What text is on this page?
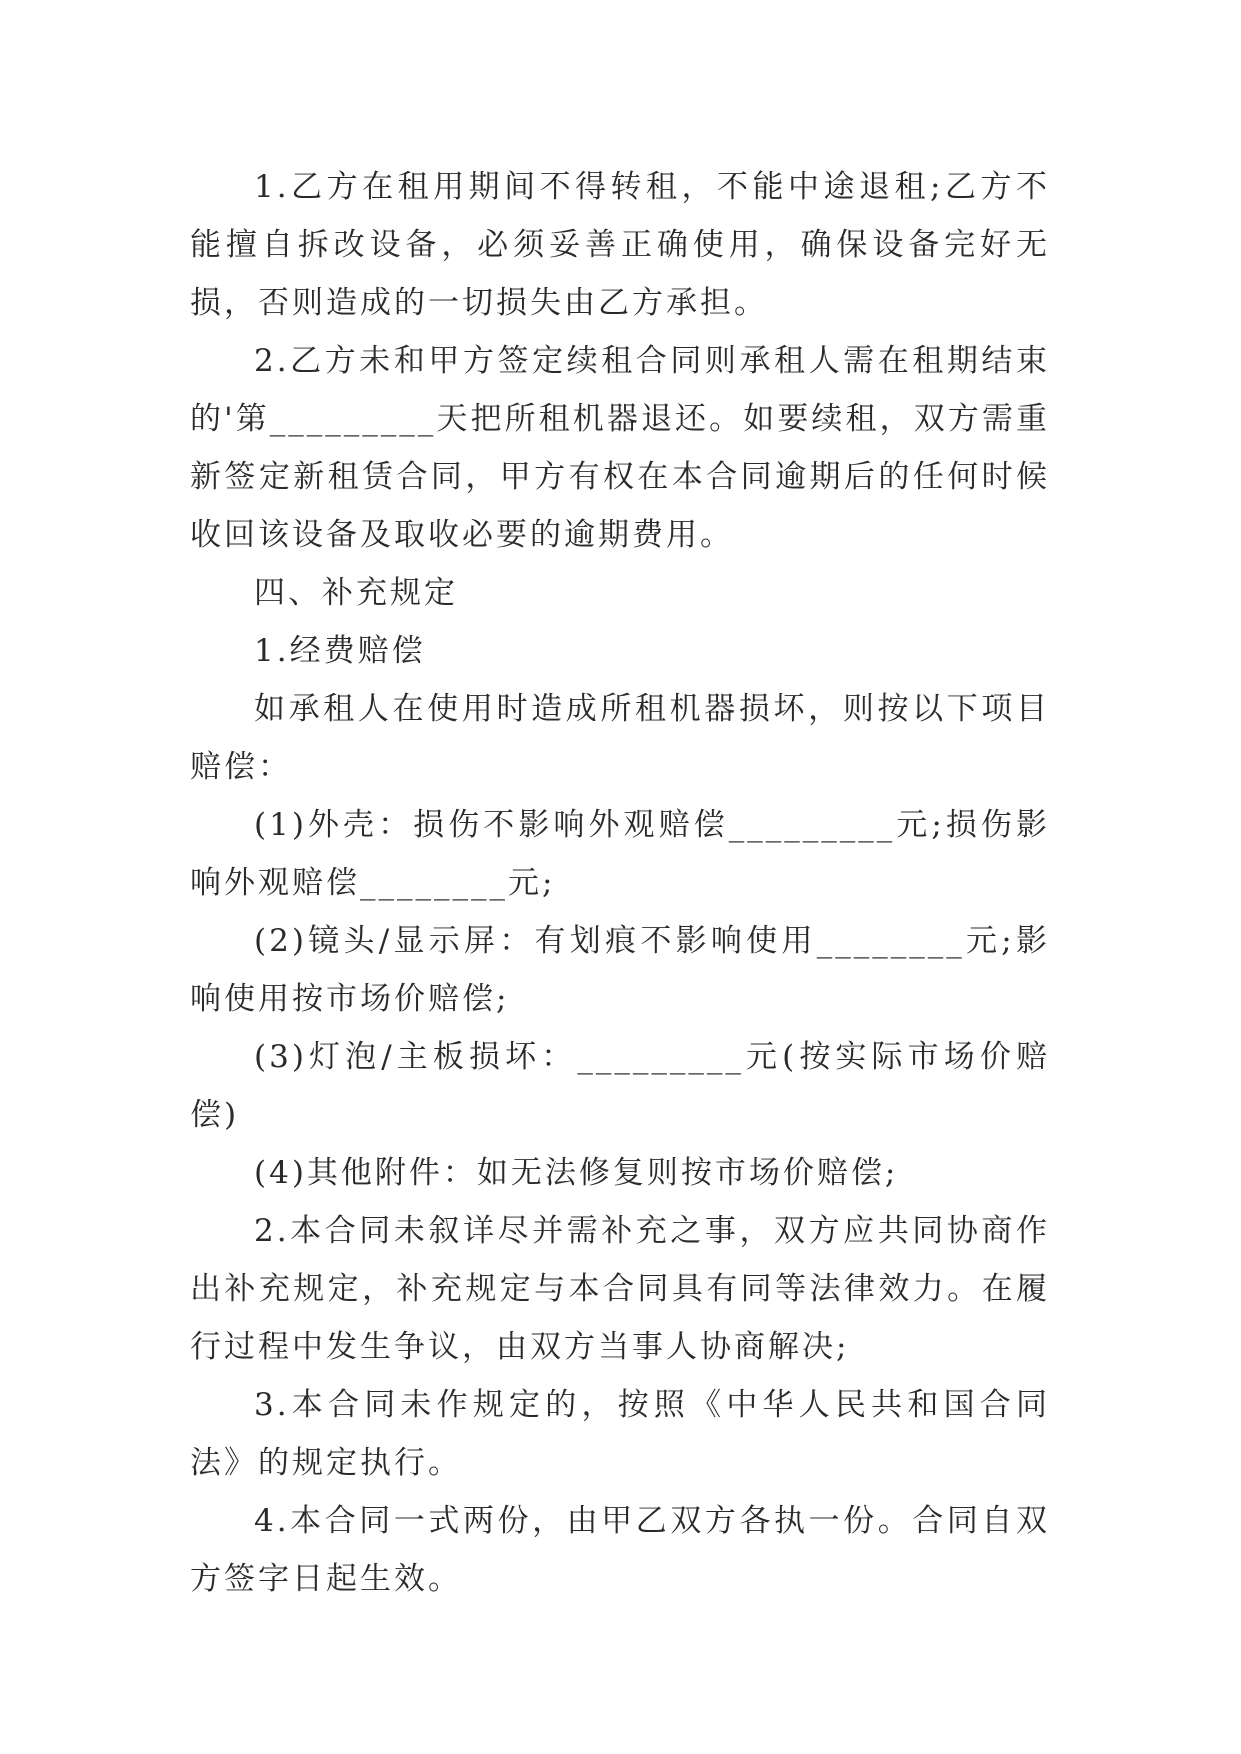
1.乙方在租用期间不得转租，不能中途退租;乙方不能擅自拆改设备，必须妥善正确使用，确保设备完好无损，否则造成的一切损失由乙方承担。

2.乙方未和甲方签定续租合同则承租人需在租期结束的'第_________天把所租机器退还。如要续租，双方需重新签定新租赁合同，甲方有权在本合同逾期后的任何时候收回该设备及取收必要的逾期费用。

四、补充规定

1.经费赔偿

如承租人在使用时造成所租机器损坏，则按以下项目赔偿：

(1)外壳：损伤不影响外观赔偿_________元;损伤影响外观赔偿________元;

(2)镜头/显示屏：有划痕不影响使用________元;影响使用按市场价赔偿;

(3)灯泡/主板损坏：_________元(按实际市场价赔偿)

(4)其他附件：如无法修复则按市场价赔偿;

2.本合同未叙详尽并需补充之事，双方应共同协商作出补充规定，补充规定与本合同具有同等法律效力。在履行过程中发生争议，由双方当事人协商解决;

3.本合同未作规定的，按照《中华人民共和国合同法》的规定执行。

4.本合同一式两份，由甲乙双方各执一份。合同自双方签字日起生效。
